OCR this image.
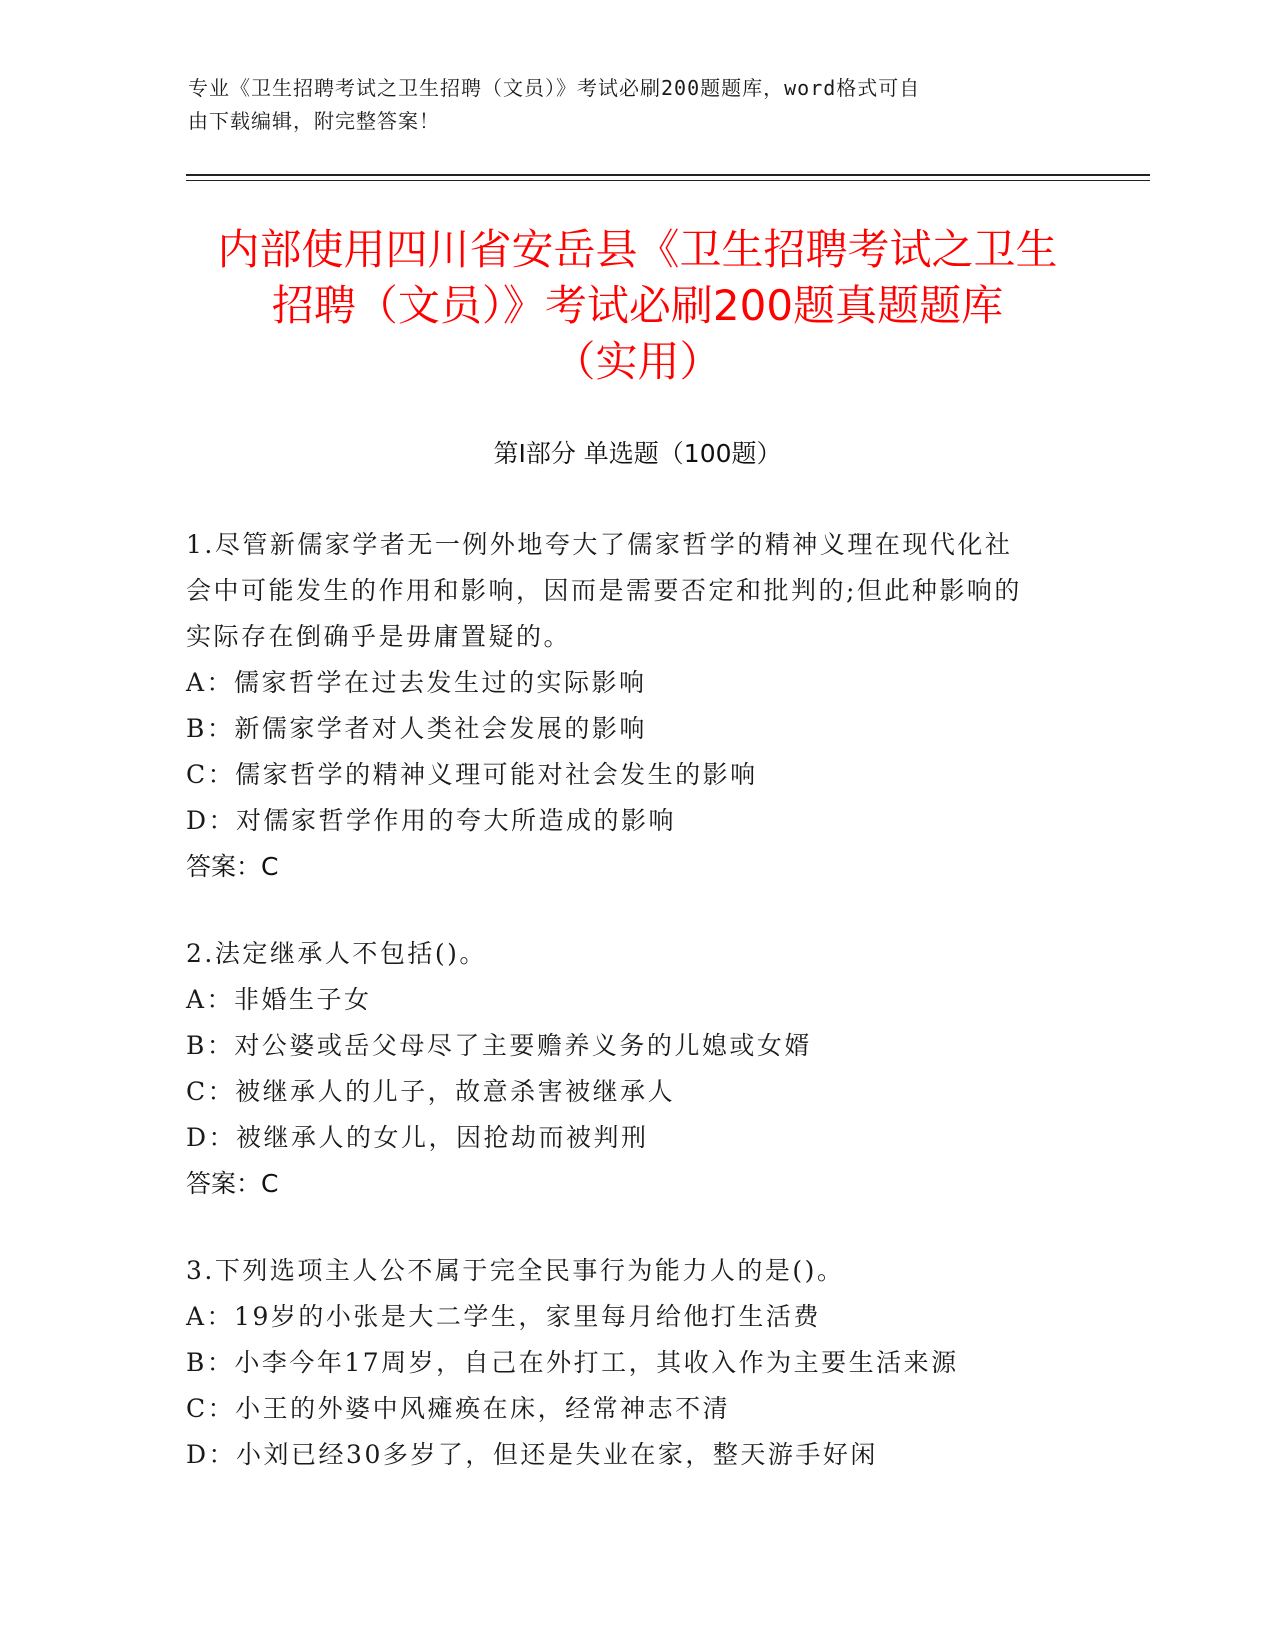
专业《卫生招聘考试之卫生招聘（文员）》考试必刷200题题库，word格式可自
由下载编辑，附完整答案！
内部使用四川省安岳县《卫生招聘考试之卫生
招聘（文员）》考试必刷200题真题题库
（实用）
第Ⅰ部分 单选题（100题）
1.尽管新儒家学者无一例外地夸大了儒家哲学的精神义理在现代化社
会中可能发生的作用和影响，因而是需要否定和批判的;但此种影响的
实际存在倒确乎是毋庸置疑的。
A：儒家哲学在过去发生过的实际影响
B：新儒家学者对人类社会发展的影响
C：儒家哲学的精神义理可能对社会发生的影响
D：对儒家哲学作用的夸大所造成的影响
答案：C
2.法定继承人不包括()。
A：非婚生子女
B：对公婆或岳父母尽了主要赡养义务的儿媳或女婿
C：被继承人的儿子，故意杀害被继承人
D：被继承人的女儿，因抢劫而被判刑
答案：C
3.下列选项主人公不属于完全民事行为能力人的是()。
A：19岁的小张是大二学生，家里每月给他打生活费
B：小李今年17周岁，自己在外打工，其收入作为主要生活来源
C：小王的外婆中风瘫痪在床，经常神志不清
D：小刘已经30多岁了，但还是失业在家，整天游手好闲
